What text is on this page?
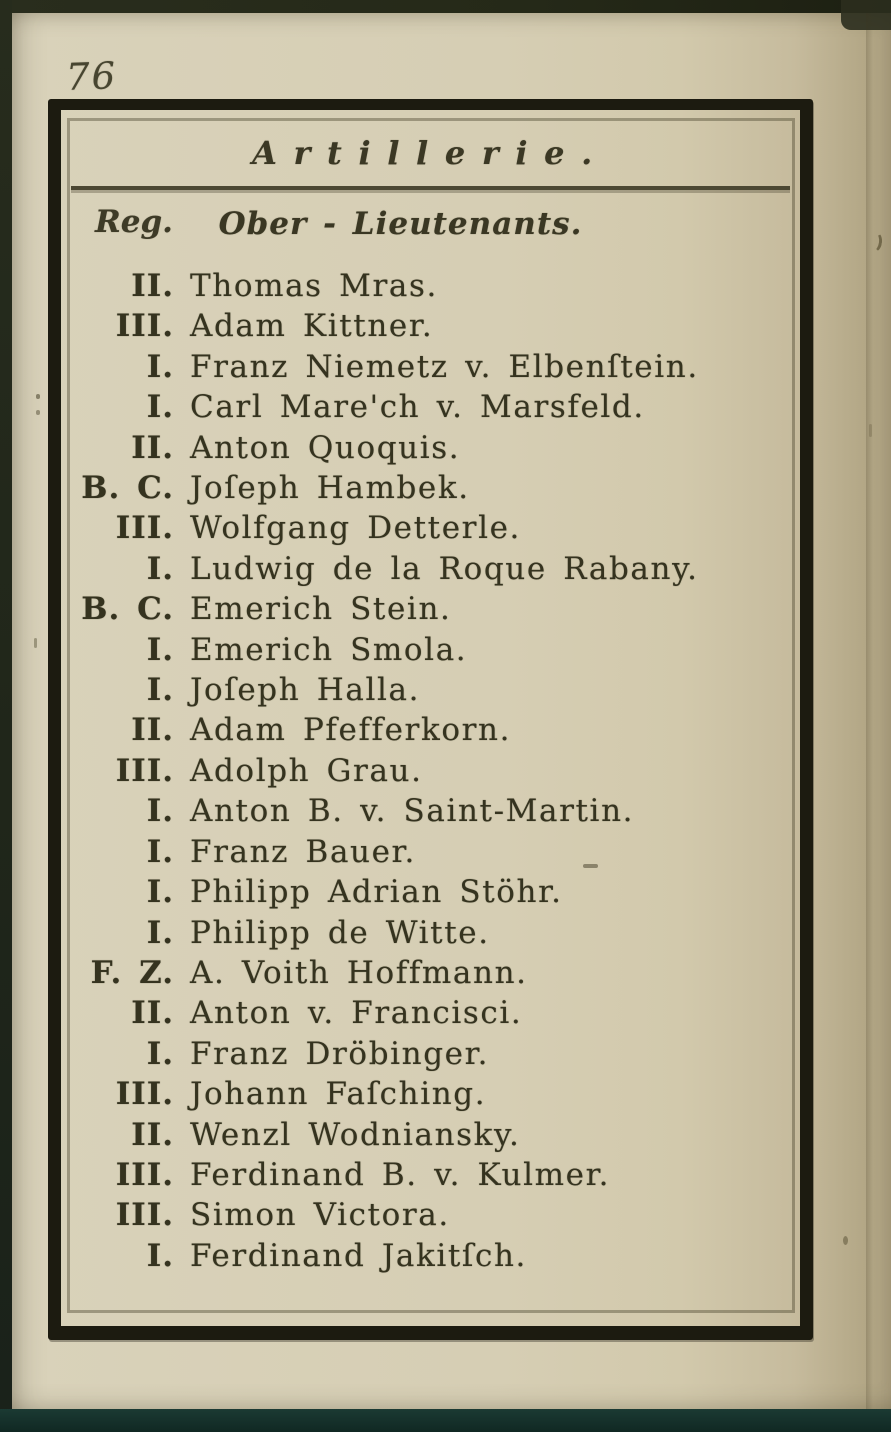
76
Artillerie.
Reg.	Ober - Lieutenants.
II. Thomas Mras.
III. Adam Kittner.
I. Franz Niemetz v. Elbenſtein.
I. Carl Mare'ch v. Marsfeld.
II. Anton Quoquis.
B. C. Joſeph Hambek.
III. Wolfgang Detterle.
I. Ludwig de la Roque Rabany.
B. C. Emerich Stein.
I. Emerich Smola.
I. Joſeph Halla.
II. Adam Pfefferkorn.
III. Adolph Grau.
I. Anton B. v. Saint-Martin.
I. Franz Bauer.
I. Philipp Adrian Stöhr.
I. Philipp de Witte.
F. Z. A. Voith Hoffmann.
II. Anton v. Francisci.
I. Franz Dröbinger.
III. Johann Faſching.
II. Wenzl Wodniansky.
III. Ferdinand B. v. Kulmer.
III. Simon Victora.
I. Ferdinand Jakitſch.
